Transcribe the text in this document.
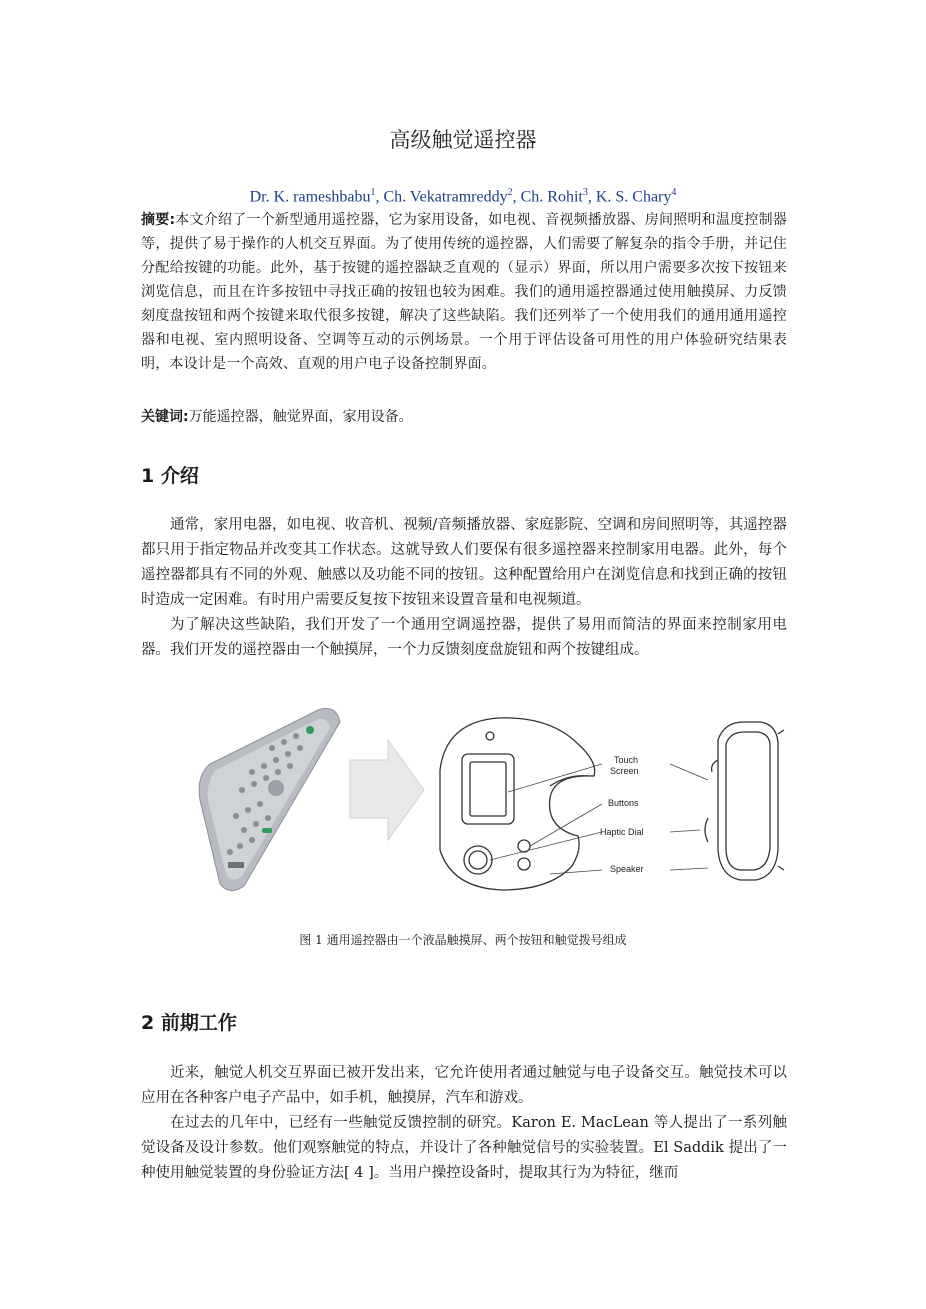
高级触觉遥控器
Dr. K. rameshbabu$^1$, Ch. Vekatramreddy$^2$, Ch. Rohit$^3$, K. S. Chary$^4$
摘要:本文介绍了一个新型通用遥控器，它为家用设备，如电视、音视频播放器、房间照明和温度控制器等，提供了易于操作的人机交互界面。为了使用传统的遥控器，人们需要了解复杂的指令手册，并记住分配给按键的功能。此外，基于按键的遥控器缺乏直观的（显示）界面，所以用户需要多次按下按钮来浏览信息，而且在许多按钮中寻找正确的按钮也较为困难。我们的通用遥控器通过使用触摸屏、力反馈刻度盘按钮和两个按键来取代很多按键，解决了这些缺陷。我们还列举了一个使用我们的通用通用遥控器和电视、室内照明设备、空调等互动的示例场景。一个用于评估设备可用性的用户体验研究结果表明，本设计是一个高效、直观的用户电子设备控制界面。
关键词:万能遥控器，触觉界面，家用设备。
1 介绍

通常，家用电器，如电视、收音机、视频/音频播放器、家庭影院、空调和房间照明等，其遥控器都只用于指定物品并改变其工作状态。这就导致人们要保有很多遥控器来控制家用电器。此外，每个遥控器都具有不同的外观、触感以及功能不同的按钮。这种配置给用户在浏览信息和找到正确的按钮时造成一定困难。有时用户需要反复按下按钮来设置音量和电视频道。

为了解决这些缺陷，我们开发了一个通用空调遥控器，提供了易用而简洁的界面来控制家用电器。我们开发的遥控器由一个触摸屏，一个力反馈刻度盘旋钮和两个按键组成。

Touch
Screen
Buttons
Haptic Dial
Speaker
图 1 通用遥控器由一个液晶触摸屏、两个按钮和触觉拨号组成
2 前期工作

近来，触觉人机交互界面已被开发出来，它允许使用者通过触觉与电子设备交互。触觉技术可以应用在各种客户电子产品中，如手机，触摸屏，汽车和游戏。

在过去的几年中，已经有一些触觉反馈控制的研究。Karon E. MacLean 等人提出了一系列触觉设备及设计参数。他们观察触觉的特点，并设计了各种触觉信号的实验装置。El Saddik 提出了一种使用触觉装置的身份验证方法[ 4 ]。当用户操控设备时，提取其行为为特征，继而
